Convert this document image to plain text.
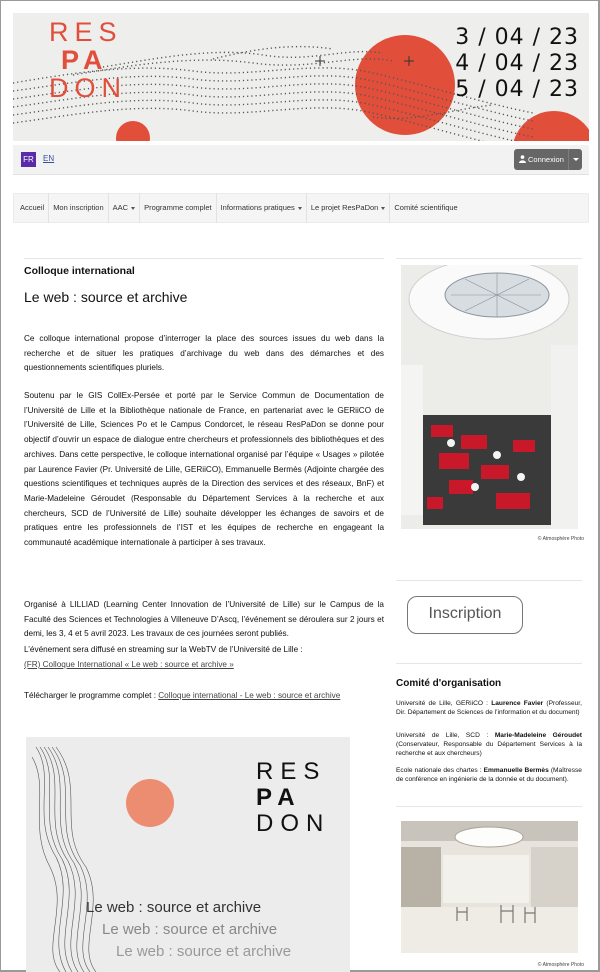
RES
PA
DON
3 / 04 / 23
4 / 04 / 23
5 / 04 / 23
FR EN	Connexion
Accueil	Mon inscription	AAC	Programme complet	Informations pratiques	Le projet ResPaDon	Comité scientifique
Colloque international
Le web : source et archive
Ce colloque international propose d’interroger la place des sources issues du web dans la recherche et de situer les pratiques d’archivage du web dans des démarches et des questionnements scientifiques pluriels.
Soutenu par le GIS CollEx-Persée et porté par le Service Commun de Documentation de l’Université de Lille et la Bibliothèque nationale de France, en partenariat avec le GERiiCO de l’Université de Lille, Sciences Po et le Campus Condorcet, le réseau ResPaDon se donne pour objectif d’ouvrir un espace de dialogue entre chercheurs et professionnels des bibliothèques et des archives. Dans cette perspective, le colloque international organisé par l’équipe « Usages » pilotée par Laurence Favier (Pr. Université de Lille, GERiiCO), Emmanuelle Bermès (Adjointe chargée des questions scientifiques et techniques auprès de la Direction des services et des réseaux, BnF) et Marie-Madeleine Géroudet (Responsable du Département Services à la recherche et aux chercheurs, SCD de l’Université de Lille) souhaite développer les échanges de savoirs et de pratiques entre les professionnels de l’IST et les équipes de recherche en engageant la communauté académique internationale à participer à ses travaux.
Organisé à LILLIAD (Learning Center Innovation de l’Université de Lille) sur le Campus de la Faculté des Sciences et Technologies à Villeneuve D’Ascq, l’événement se déroulera sur 2 jours et demi, les 3, 4 et 5 avril 2023. Les travaux de ces journées seront publiés.
L’événement sera diffusé en streaming sur la WebTV de l’Université de Lille :
(FR) Colloque International « Le web : source et archive »
Télécharger le programme complet : Colloque international - Le web : source et archive
RES
PA
DON
Le web : source et archive
Le web : source et archive
Le web : source et archive
© Atmosphère Photo
Inscription
Comité d'organisation
Université de Lille, GERiiCO : Laurence Favier (Professeur, Dir. Département de Sciences de l’information et du document)
Université de Lille, SCD : Marie-Madeleine Géroudet (Conservateur, Responsable du Département Services à la recherche et aux chercheurs)
Ecole nationale des chartes : Emmanuelle Bermès (Maîtresse de conférence en ingénierie de la donnée et du document).
© Atmosphère Photo
